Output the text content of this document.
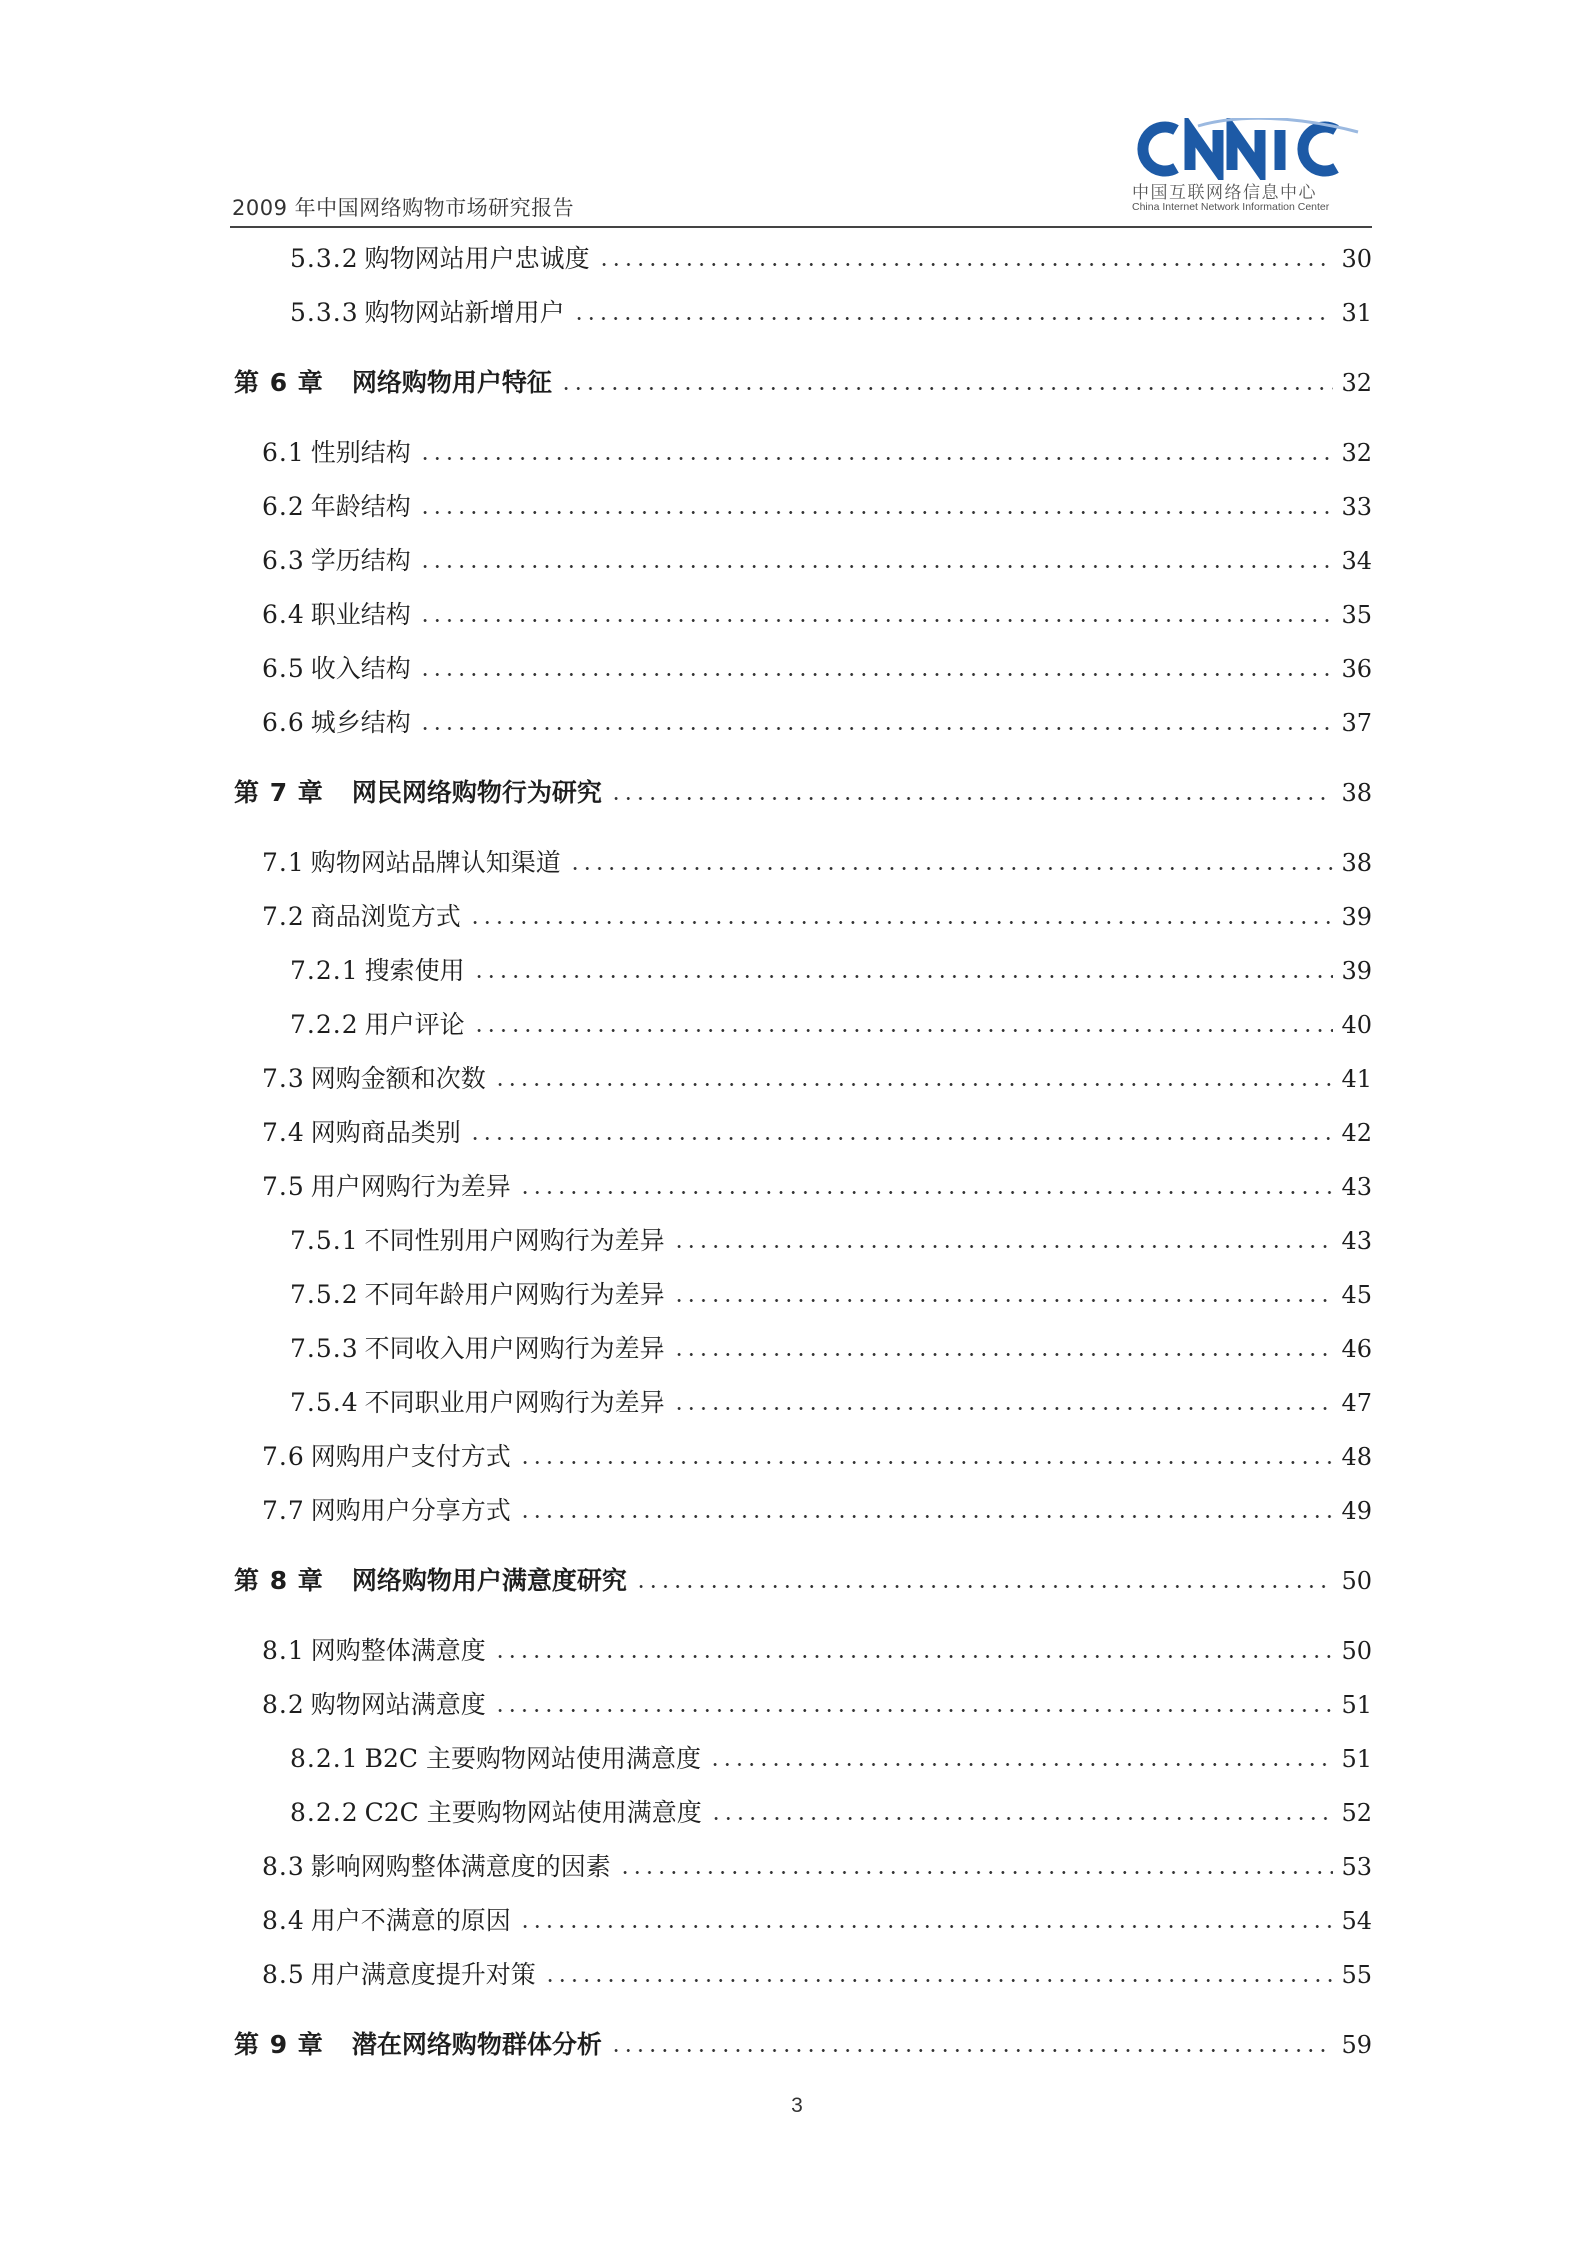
2009 年中国网络购物市场研究报告
中国互联网络信息中心
China Internet Network Information Center
5.3.2 购物网站用户忠诚度	30
5.3.3 购物网站新增用户	31
第 6 章 网络购物用户特征	32
6.1 性别结构	32
6.2 年龄结构	33
6.3 学历结构	34
6.4 职业结构	35
6.5 收入结构	36
6.6 城乡结构	37
第 7 章 网民网络购物行为研究	38
7.1 购物网站品牌认知渠道	38
7.2 商品浏览方式	39
7.2.1 搜索使用	39
7.2.2 用户评论	40
7.3 网购金额和次数	41
7.4 网购商品类别	42
7.5 用户网购行为差异	43
7.5.1 不同性别用户网购行为差异	43
7.5.2 不同年龄用户网购行为差异	45
7.5.3 不同收入用户网购行为差异	46
7.5.4 不同职业用户网购行为差异	47
7.6 网购用户支付方式	48
7.7 网购用户分享方式	49
第 8 章 网络购物用户满意度研究	50
8.1 网购整体满意度	50
8.2 购物网站满意度	51
8.2.1 B2C 主要购物网站使用满意度	51
8.2.2 C2C 主要购物网站使用满意度	52
8.3 影响网购整体满意度的因素	53
8.4 用户不满意的原因	54
8.5 用户满意度提升对策	55
第 9 章 潜在网络购物群体分析	59
3
